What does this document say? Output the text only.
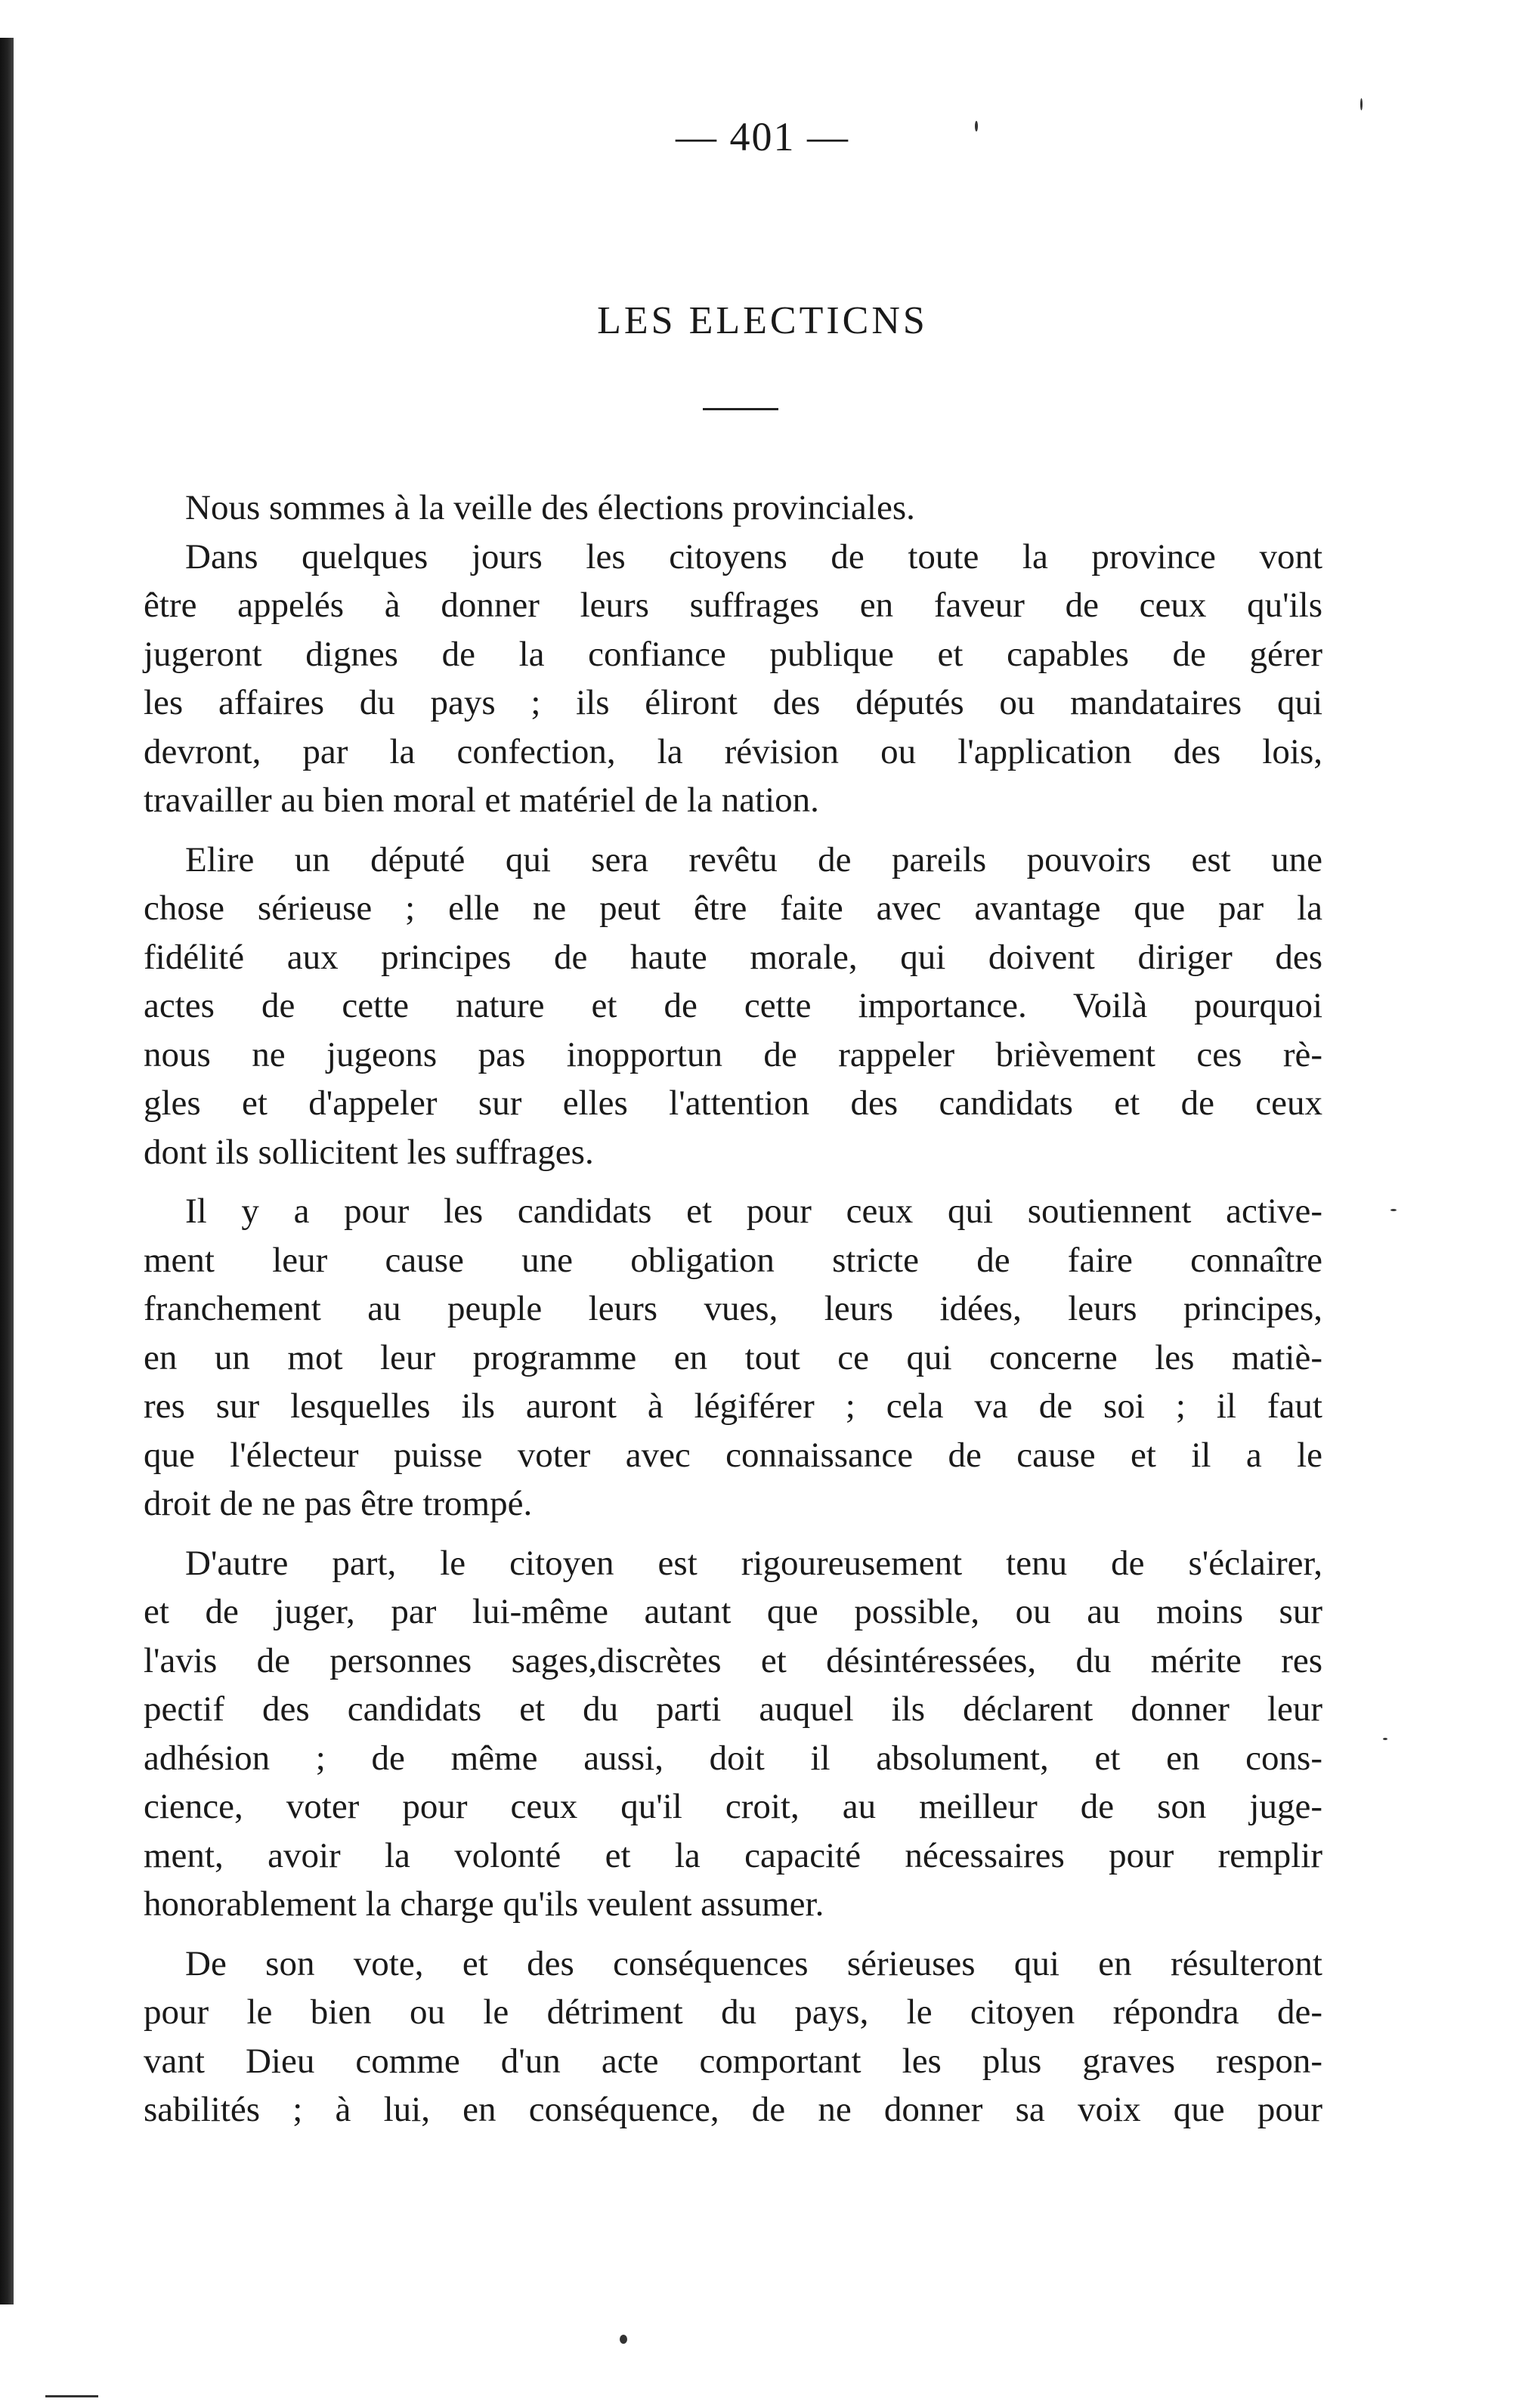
— 401 —
LES ELECTICNS

Nous sommes à la veille des élections provinciales.

Dans quelques jours les citoyens de toute la province vont

être appelés à donner leurs suffrages en faveur de ceux qu'ils

jugeront dignes de la confiance publique et capables de gérer

les affaires du pays ; ils éliront des députés ou mandataires qui

devront, par la confection, la révision ou l'application des lois,

travailler au bien moral et matériel de la nation.

Elire un député qui sera revêtu de pareils pouvoirs est une

chose sérieuse ; elle ne peut être faite avec avantage que par la

fidélité aux principes de haute morale, qui doivent diriger des

actes de cette nature et de cette importance. Voilà pourquoi

nous ne jugeons pas inopportun de rappeler brièvement ces rè-

gles et d'appeler sur elles l'attention des candidats et de ceux

dont ils sollicitent les suffrages.

Il y a pour les candidats et pour ceux qui soutiennent active-

ment leur cause une obligation stricte de faire connaître

franchement au peuple leurs vues, leurs idées, leurs principes,

en un mot leur programme en tout ce qui concerne les matiè-

res sur lesquelles ils auront à légiférer ; cela va de soi ; il faut

que l'électeur puisse voter avec connaissance de cause et il a le

droit de ne pas être trompé.

D'autre part, le citoyen est rigoureusement tenu de s'éclairer,

et de juger, par lui-même autant que possible, ou au moins sur

l'avis de personnes sages,discrètes et désintéressées, du mérite res

pectif des candidats et du parti auquel ils déclarent donner leur

adhésion ; de même aussi, doit il absolument, et en cons-

cience, voter pour ceux qu'il croit, au meilleur de son juge-

ment, avoir la volonté et la capacité nécessaires pour remplir

honorablement la charge qu'ils veulent assumer.

De son vote, et des conséquences sérieuses qui en résulteront

pour le bien ou le détriment du pays, le citoyen répondra de-

vant Dieu comme d'un acte comportant les plus graves respon-

sabilités ; à lui, en conséquence, de ne donner sa voix que pour
